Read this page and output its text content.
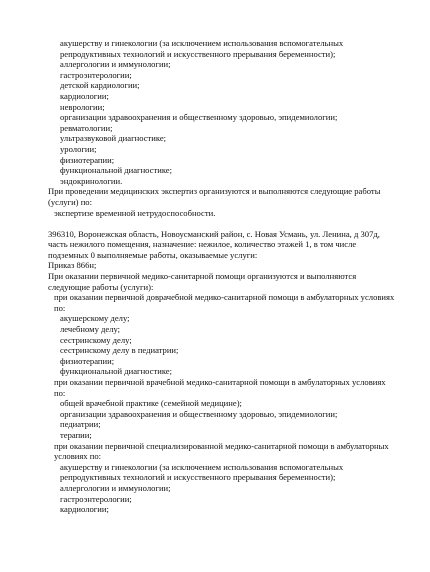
акушерству и гинекологии (за исключением использования вспомогательных репродуктивных технологий и искусственного прерывания беременности);
аллергологии и иммунологии;
гастроэнтерологии;
детской кардиологии;
кардиологии;
неврологии;
организации здравоохранения и общественному здоровью, эпидемиологии;
ревматологии;
ультразвуковой диагностике;
урологии;
физиотерапии;
функциональной диагностике;
эндокринологии.
При проведении медицинских экспертиз организуются и выполняются следующие работы (услуги) по:
экспертизе временной нетрудоспособности.
396310, Воронежская область, Новоусманский район, с. Новая Усмань, ул. Ленина, д 307д, часть нежилого помещения, назначение: нежилое, количество этажей 1, в том числе подземных 0 выполняемые работы, оказываемые услуги:
Приказ 866н;
При оказании первичной медико-санитарной помощи организуются и выполняются следующие работы (услуги):
при оказании первичной доврачебной медико-санитарной помощи в амбулаторных условиях по:
акушерскому делу;
лечебному делу;
сестринскому делу;
сестринскому делу в педиатрии;
физиотерапии;
функциональной диагностике;
при оказании первичной врачебной медико-санитарной помощи в амбулаторных условиях по:
общей врачебной практике (семейной медицине);
организации здравоохранения и общественному здоровью, эпидемиологии;
педиатрии;
терапии;
при оказании первичной специализированной медико-санитарной помощи в амбулаторных условиях по:
акушерству и гинекологии (за исключением использования вспомогательных репродуктивных технологий и искусственного прерывания беременности);
аллергологии и иммунологии;
гастроэнтерологии;
кардиологии;
